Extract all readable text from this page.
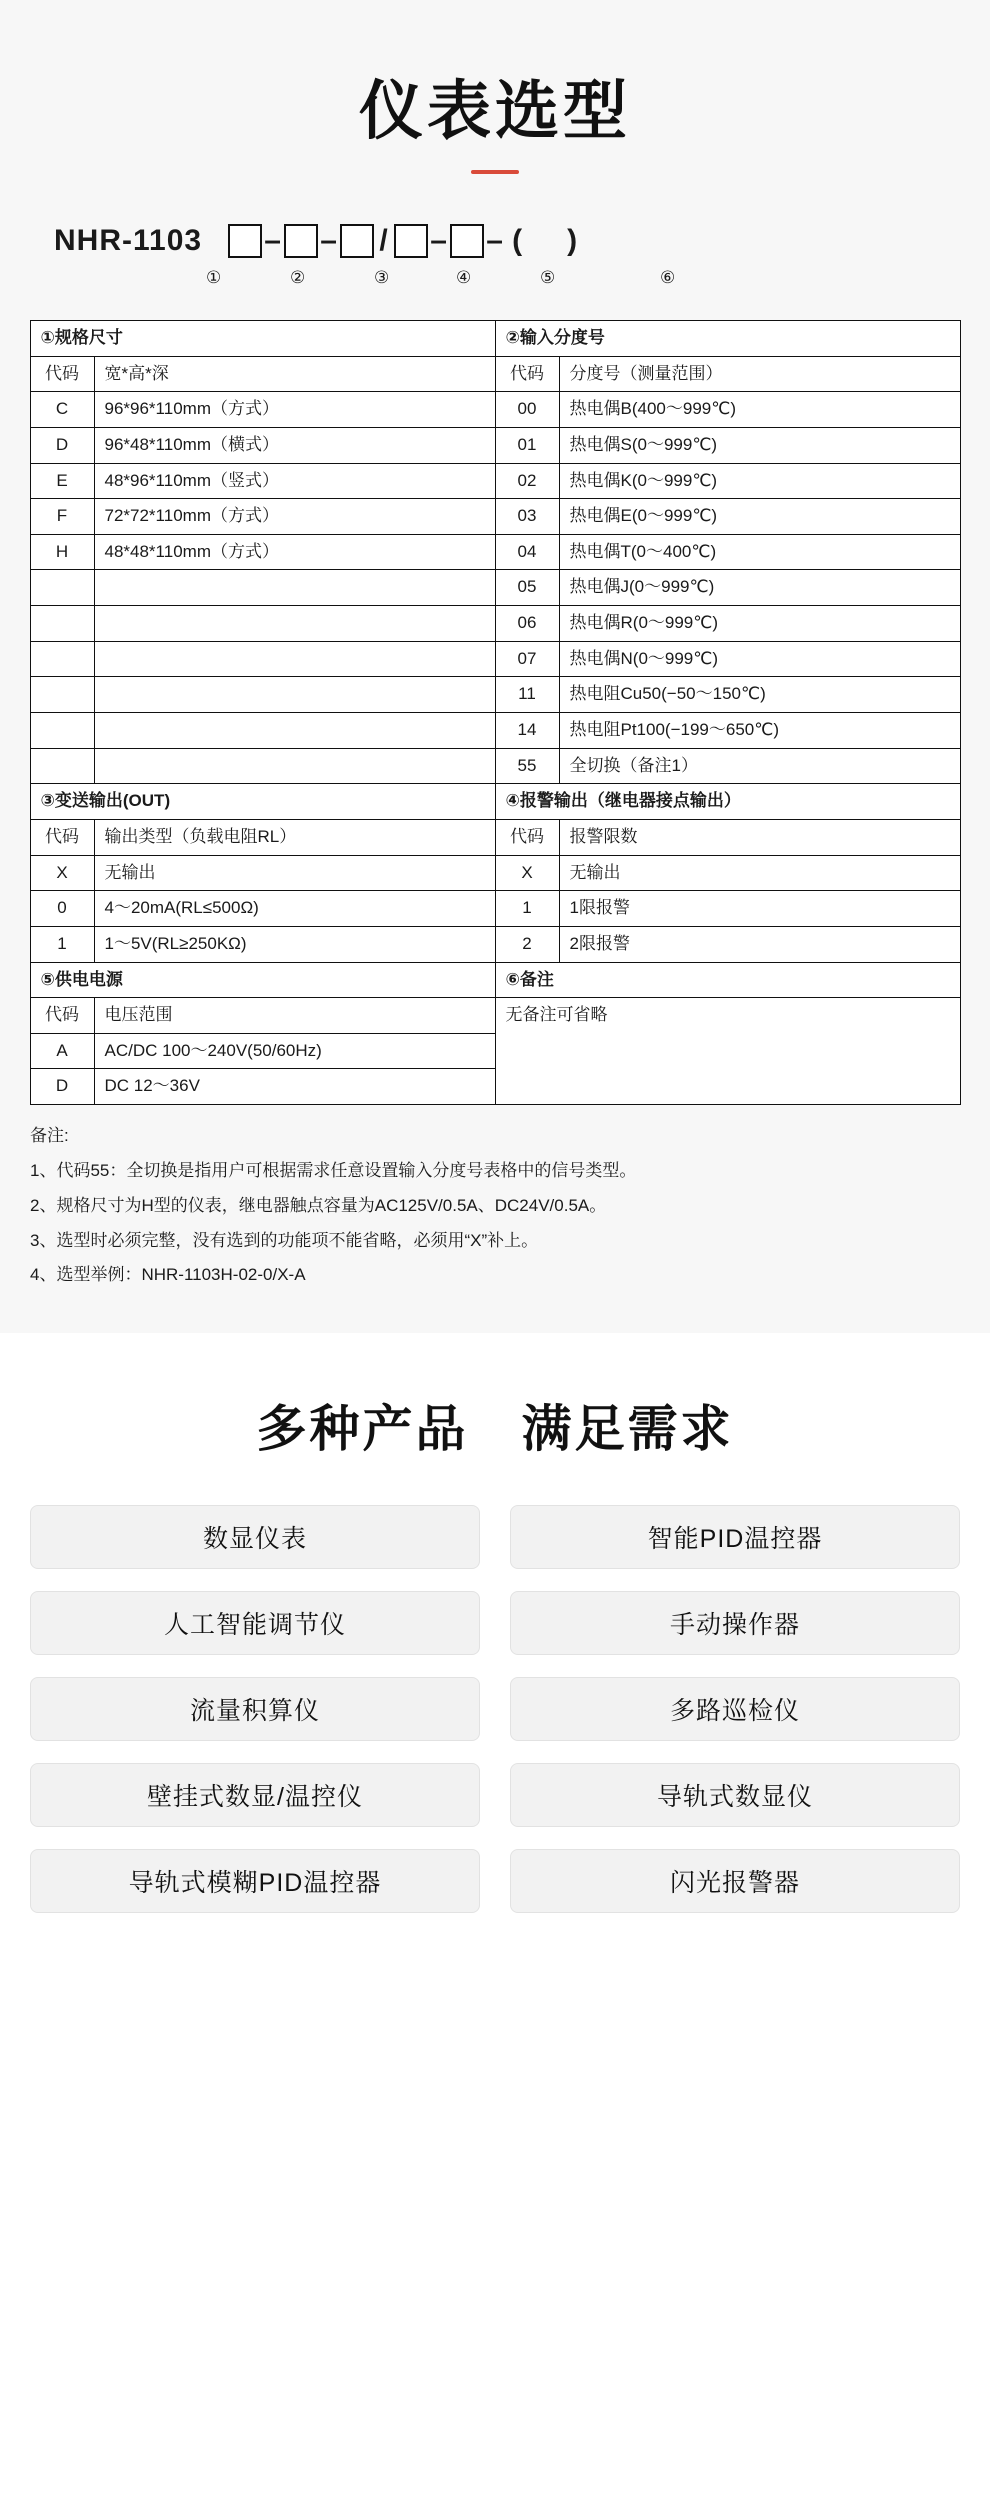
仪表选型
NHR-1103 – – / – – ( )
①	②	③	④	⑤	⑥
①规格尺寸		②输入分度号	
代码	宽*高*深	代码	分度号（测量范围）
C	96*96*110mm（方式）	00	热电偶B(400～999℃)
D	96*48*110mm（横式）	01	热电偶S(0～999℃)
E	48*96*110mm（竖式）	02	热电偶K(0～999℃)
F	72*72*110mm（方式）	03	热电偶E(0～999℃)
H	48*48*110mm（方式）	04	热电偶T(0～400℃)
		05	热电偶J(0～999℃)
		06	热电偶R(0～999℃)
		07	热电偶N(0～999℃)
		11	热电阻Cu50(−50～150℃)
		14	热电阻Pt100(−199～650℃)
		55	全切换（备注1）
③变送输出(OUT)		④报警输出（继电器接点输出）	
代码	输出类型（负载电阻RL）	代码	报警限数
X	无输出	X	无输出
0	4～20mA(RL≤500Ω)	1	1限报警
1	1～5V(RL≥250KΩ)	2	2限报警
⑤供电电源		⑥备注	
代码	电压范围	无备注可省略	
A	AC/DC 100～240V(50/60Hz)		
D	DC 12～36V		
备注:
1、代码55：全切换是指用户可根据需求任意设置输入分度号表格中的信号类型。
2、规格尺寸为H型的仪表，继电器触点容量为AC125V/0.5A、DC24V/0.5A。
3、选型时必须完整，没有选到的功能项不能省略，必须用“X”补上。
4、选型举例：NHR-1103H-02-0/X-A
多种产品　满足需求
数显仪表	智能PID温控器
人工智能调节仪	手动操作器
流量积算仪	多路巡检仪
壁挂式数显/温控仪	导轨式数显仪
导轨式模糊PID温控器	闪光报警器
